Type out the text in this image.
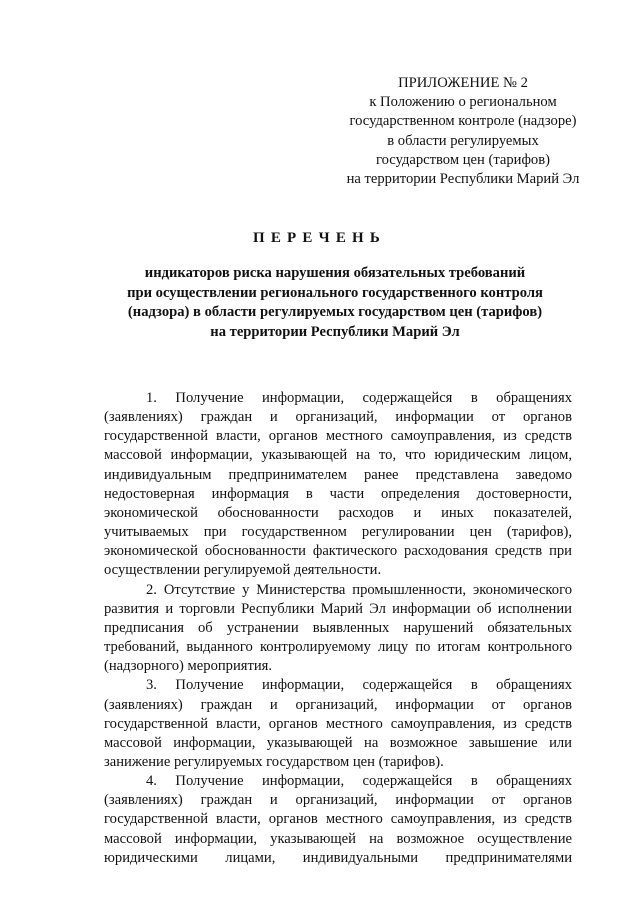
ПРИЛОЖЕНИЕ № 2
к Положению о региональном
государственном контроле (надзоре)
в области регулируемых
государством цен (тарифов)
на территории Республики Марий Эл
ПЕРЕЧЕНЬ
индикаторов риска нарушения обязательных требований
при осуществлении регионального государственного контроля
(надзора) в области регулируемых государством цен (тарифов)
на территории Республики Марий Эл

1. Получение информации, содержащейся в обращениях (заявлениях) граждан и организаций, информации от органов государственной власти, органов местного самоуправления, из средств массовой информации, указывающей на то, что юридическим лицом, индивидуальным предпринимателем ранее представлена заведомо недостоверная информация в части определения достоверности, экономической обоснованности расходов и иных показателей, учитываемых при государственном регулировании цен (тарифов), экономической обоснованности фактического расходования средств при осуществлении регулируемой деятельности.

2. Отсутствие у Министерства промышленности, экономического развития и торговли Республики Марий Эл информации об исполнении предписания об устранении выявленных нарушений обязательных требований, выданного контролируемому лицу по итогам контрольного (надзорного) мероприятия.

3. Получение информации, содержащейся в обращениях (заявлениях) граждан и организаций, информации от органов государственной власти, органов местного самоуправления, из средств массовой информации, указывающей на возможное завышение или занижение регулируемых государством цен (тарифов).

4. Получение информации, содержащейся в обращениях (заявлениях) граждан и организаций, информации от органов государственной власти, органов местного самоуправления, из средств массовой информации, указывающей на возможное осуществление юридическими лицами, индивидуальными предпринимателями
